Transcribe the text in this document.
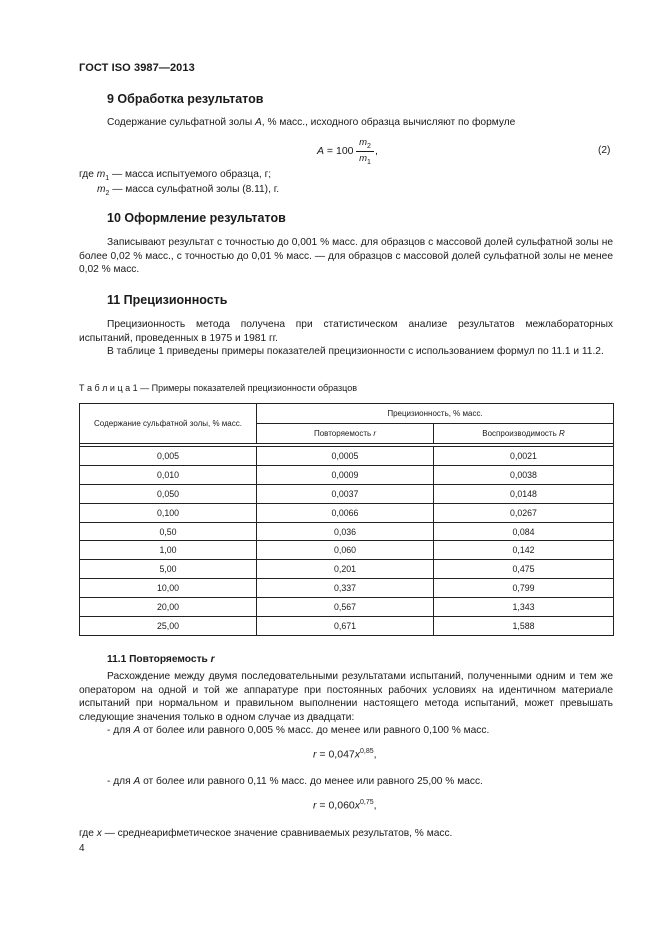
ГОСТ ISO 3987—2013
9 Обработка результатов
Содержание сульфатной золы A, % масс., исходного образца вычисляют по формуле
A = 100
$m_2$
$m_1$
,	(2)
где $m_1$ — масса испытуемого образца, г;
$m_2$ — масса сульфатной золы (8.11), г.
10 Оформление результатов
Записывают результат с точностью до 0,001 % масс. для образцов с массовой долей сульфатной золы не более 0,02 % масс., с точностью до 0,01 % масс. — для образцов с массовой долей сульфатной золы не менее 0,02 % масс.
11 Прецизионность
Прецизионность метода получена при статистическом анализе результатов межлабораторных испытаний, проведенных в 1975 и 1981 гг.
В таблице 1 приведены примеры показателей прецизионности с использованием формул по 11.1 и 11.2.
Т а б л и ц а 1 — Примеры показателей прецизионности образцов
Содержание сульфатной золы, % масс.	Прецизионность, % масс.	
	Повторяемость r	Воспроизводимость R

0,005	0,0005	0,0021
0,010	0,0009	0,0038
0,050	0,0037	0,0148
0,100	0,0066	0,0267
0,50	0,036	0,084
1,00	0,060	0,142
5,00	0,201	0,475
10,00	0,337	0,799
20,00	0,567	1,343
25,00	0,671	1,588
11.1 Повторяемость r
Расхождение между двумя последовательными результатами испытаний, полученными одним и тем же оператором на одной и той же аппаратуре при постоянных рабочих условиях на идентичном материале испытаний при нормальном и правильном выполнении настоящего метода испытаний, может превышать следующие значения только в одном случае из двадцати:
- для A от более или равного 0,005 % масс. до менее или равного 0,100 % масс.
$r = 0,047x^{0,85}$,
- для A от более или равного 0,11 % масс. до менее или равного 25,00 % масс.
$r = 0,060x^{0,75}$,
где x — среднеарифметическое значение сравниваемых результатов, % масс.
4
